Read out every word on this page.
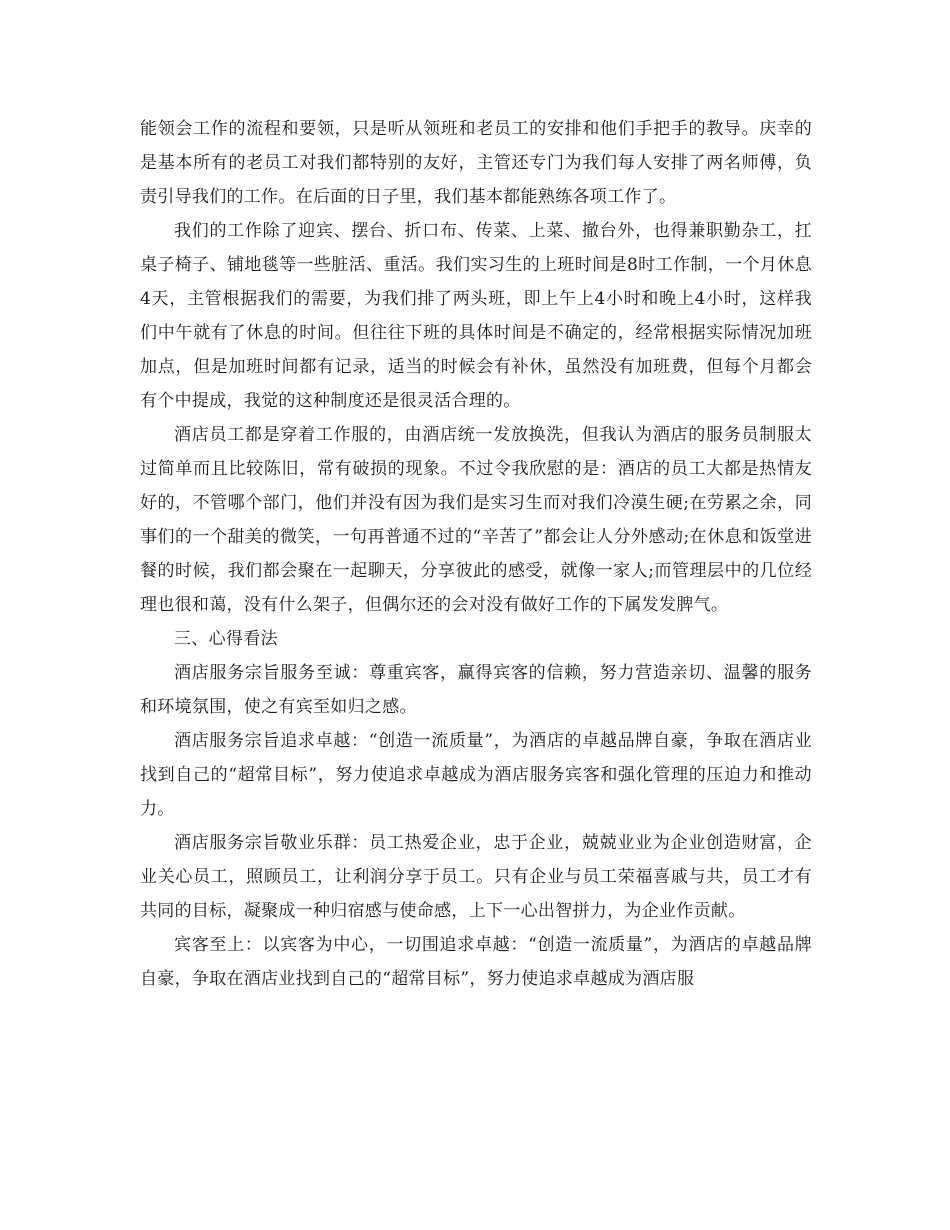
能领会工作的流程和要领，只是听从领班和老员工的安排和他们手把手的教导。庆幸的是基本所有的老员工对我们都特别的友好，主管还专门为我们每人安排了两名师傅，负责引导我们的工作。在后面的日子里，我们基本都能熟练各项工作了。

我们的工作除了迎宾、摆台、折口布、传菜、上菜、撤台外，也得兼职勤杂工，扛桌子椅子、铺地毯等一些脏活、重活。我们实习生的上班时间是8时工作制，一个月休息4天，主管根据我们的需要，为我们排了两头班，即上午上4小时和晚上4小时，这样我们中午就有了休息的时间。但往往下班的具体时间是不确定的，经常根据实际情况加班加点，但是加班时间都有记录，适当的时候会有补休，虽然没有加班费，但每个月都会有个中提成，我觉的这种制度还是很灵活合理的。

酒店员工都是穿着工作服的，由酒店统一发放换洗，但我认为酒店的服务员制服太过简单而且比较陈旧，常有破损的现象。不过令我欣慰的是：酒店的员工大都是热情友好的，不管哪个部门，他们并没有因为我们是实习生而对我们冷漠生硬;在劳累之余，同事们的一个甜美的微笑，一句再普通不过的“辛苦了”都会让人分外感动;在休息和饭堂进餐的时候，我们都会聚在一起聊天，分享彼此的感受，就像一家人;而管理层中的几位经理也很和蔼，没有什么架子，但偶尔还的会对没有做好工作的下属发发脾气。

三、心得看法

酒店服务宗旨服务至诚：尊重宾客，赢得宾客的信赖，努力营造亲切、温馨的服务和环境氛围，使之有宾至如归之感。

酒店服务宗旨追求卓越：“创造一流质量”，为酒店的卓越品牌自豪，争取在酒店业找到自己的“超常目标”，努力使追求卓越成为酒店服务宾客和强化管理的压迫力和推动力。

酒店服务宗旨敬业乐群：员工热爱企业，忠于企业，兢兢业业为企业创造财富，企业关心员工，照顾员工，让利润分享于员工。只有企业与员工荣福喜戚与共，员工才有共同的目标，凝聚成一种归宿感与使命感，上下一心出智拼力，为企业作贡献。

宾客至上：以宾客为中心，一切围追求卓越：“创造一流质量”，为酒店的卓越品牌自豪，争取在酒店业找到自己的“超常目标”，努力使追求卓越成为酒店服
